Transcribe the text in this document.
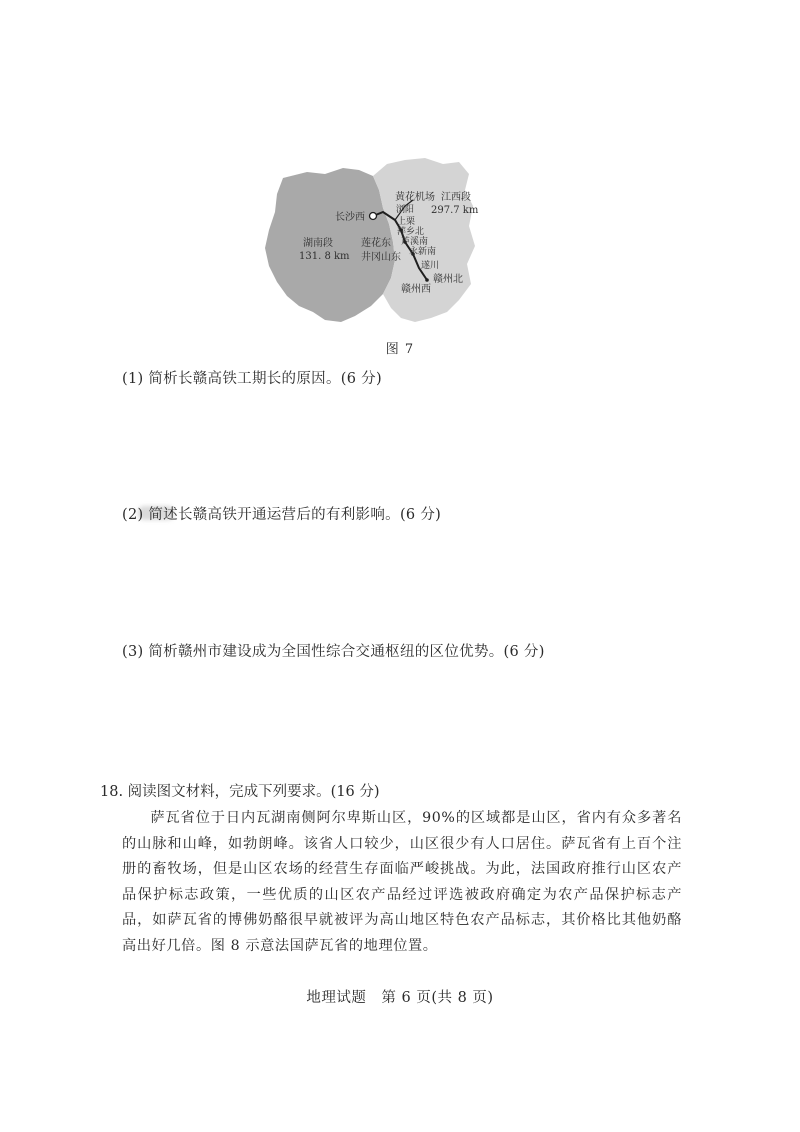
黄花机场 江西段
297.7 km
浏阳
长沙西	上栗
萍乡北
莲花东 芦溪南
永新南
湖南段
131. 8 km 井冈山东
遂川
赣州北
赣州西
图 7
(1) 简析长赣高铁工期长的原因。(6 分)
(2) 简述长赣高铁开通运营后的有利影响。(6 分)
(3) 简析赣州市建设成为全国性综合交通枢纽的区位优势。(6 分)
18. 阅读图文材料，完成下列要求。(16 分)
萨瓦省位于日内瓦湖南侧阿尔卑斯山区，90%的区域都是山区，省内有众多著名的山脉和山峰，如勃朗峰。该省人口较少，山区很少有人口居住。萨瓦省有上百个注册的畜牧场，但是山区农场的经营生存面临严峻挑战。为此，法国政府推行山区农产品保护标志政策，一些优质的山区农产品经过评选被政府确定为农产品保护标志产品，如萨瓦省的博佛奶酪很早就被评为高山地区特色农产品标志，其价格比其他奶酪高出好几倍。图 8 示意法国萨瓦省的地理位置。
地理试题　第 6 页(共 8 页)
